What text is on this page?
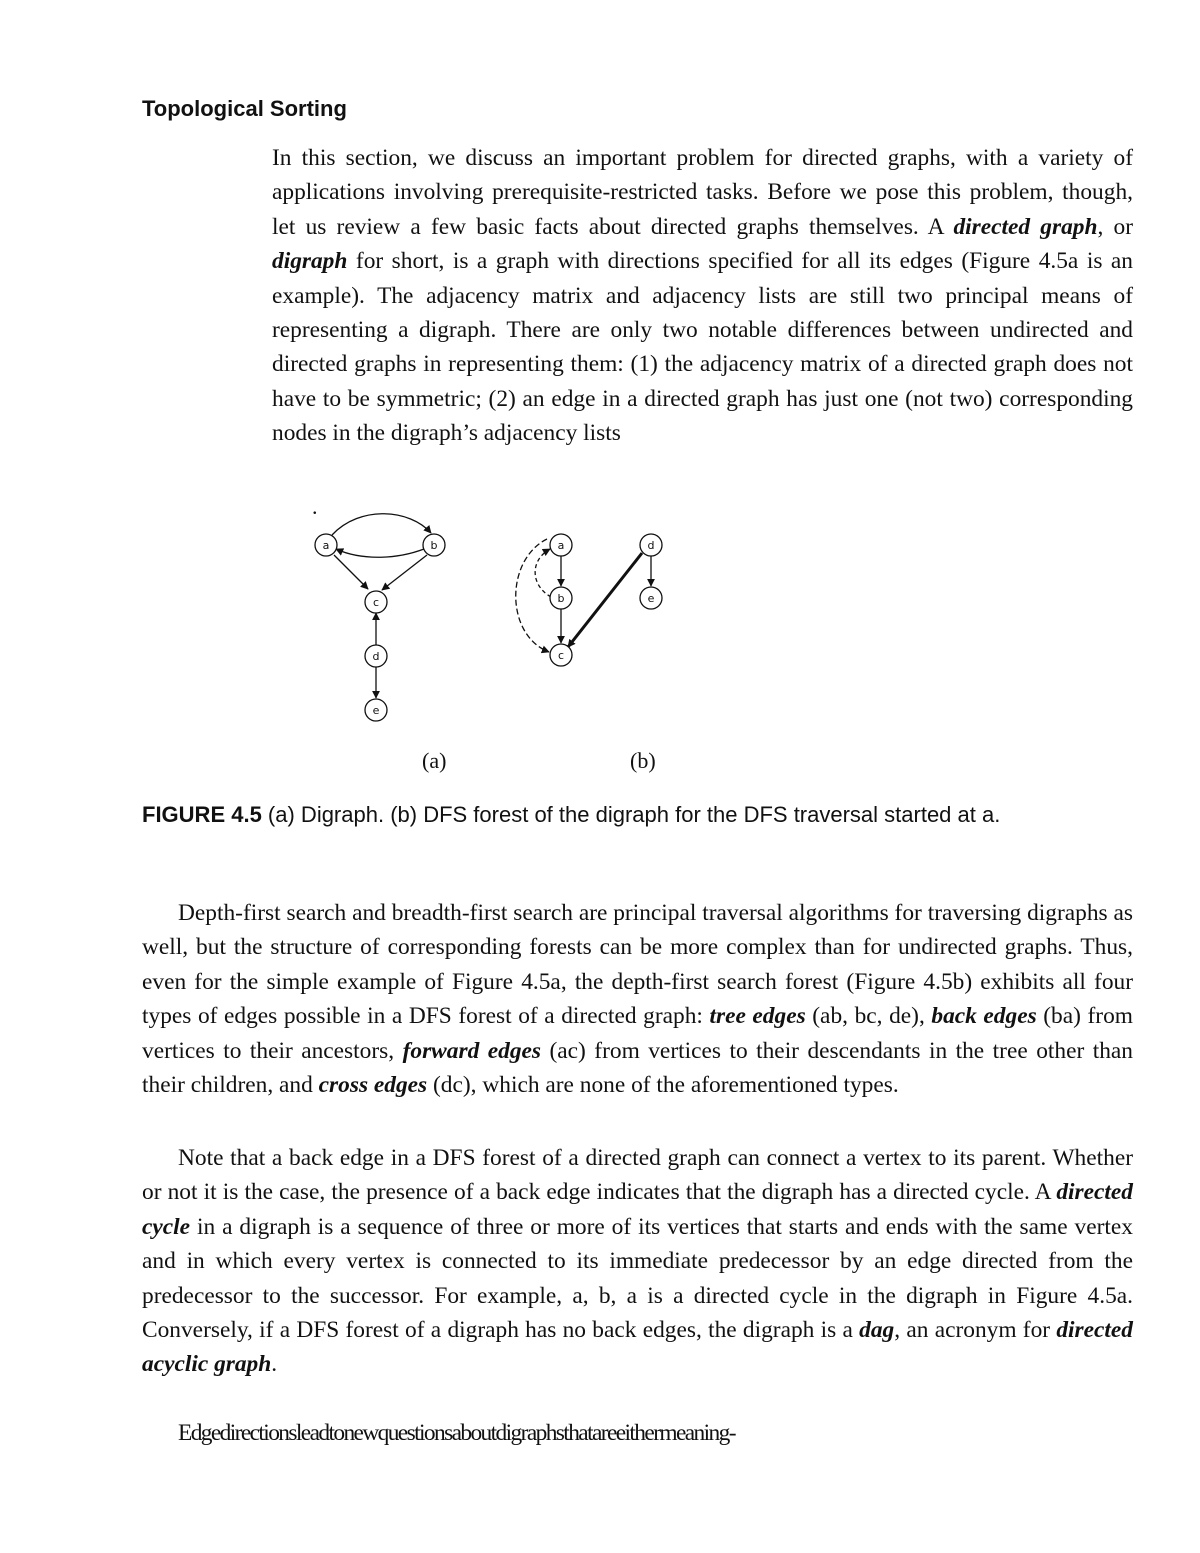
Topological Sorting
In this section, we discuss an important problem for directed graphs, with a variety of applications involving prerequisite-restricted tasks. Before we pose this problem, though, let us review a few basic facts about directed graphs themselves. A directed graph, or digraph for short, is a graph with directions specified for all its edges (Figure 4.5a is an example). The adjacency matrix and adjacency lists are still two principal means of representing a digraph. There are only two notable differences between undirected and directed graphs in representing them: (1) the adjacency matrix of a directed graph does not have to be symmetric; (2) an edge in a directed graph has just one (not two) corresponding nodes in the digraph’s adjacency lists
.
a	b
c
d
e
a
b
c
d
e
(a)	(b)
FIGURE 4.5 (a) Digraph. (b) DFS forest of the digraph for the DFS traversal started at a.
Depth-first search and breadth-first search are principal traversal algorithms for traversing digraphs as well, but the structure of corresponding forests can be more complex than for undirected graphs. Thus, even for the simple example of Figure 4.5a, the depth-first search forest (Figure 4.5b) exhibits all four types of edges possible in a DFS forest of a directed graph: tree edges (ab, bc, de), back edges (ba) from vertices to their ancestors, forward edges (ac) from vertices to their descendants in the tree other than their children, and cross edges (dc), which are none of the aforementioned types.
Note that a back edge in a DFS forest of a directed graph can connect a vertex to its parent. Whether or not it is the case, the presence of a back edge indicates that the digraph has a directed cycle. A directed cycle in a digraph is a sequence of three or more of its vertices that starts and ends with the same vertex and in which every vertex is connected to its immediate predecessor by an edge directed from the predecessor to the successor. For example, a, b, a is a directed cycle in the digraph in Figure 4.5a. Conversely, if a DFS forest of a digraph has no back edges, the digraph is a dag, an acronym for directed acyclic graph.
Edgedirectionsleadtonewquestionsaboutdigraphsthatareeithermeaning-
